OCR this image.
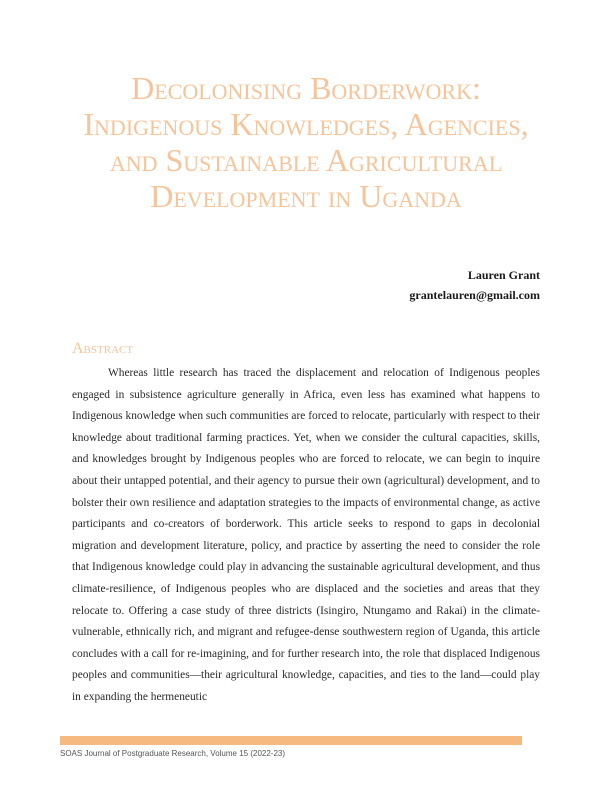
Decolonising Borderwork:
Indigenous Knowledges, Agencies,
and Sustainable Agricultural
Development in Uganda
Lauren Grant
grantelauren@gmail.com
Abstract

Whereas little research has traced the displacement and relocation of Indigenous peoples engaged in subsistence agriculture generally in Africa, even less has examined what happens to Indigenous knowledge when such communities are forced to relocate, particularly with respect to their knowledge about traditional farming practices. Yet, when we consider the cultural capacities, skills, and knowledges brought by Indigenous peoples who are forced to relocate, we can begin to inquire about their untapped potential, and their agency to pursue their own (agricultural) development, and to bolster their own resilience and adaptation strategies to the impacts of environmental change, as active participants and co-creators of borderwork. This article seeks to respond to gaps in decolonial migration and development literature, policy, and practice by asserting the need to consider the role that Indigenous knowledge could play in advancing the sustainable agricultural development, and thus climate-resilience, of Indigenous peoples who are displaced and the societies and areas that they relocate to. Offering a case study of three districts (Isingiro, Ntungamo and Rakai) in the climate-vulnerable, ethnically rich, and migrant and refugee-dense southwestern region of Uganda, this article concludes with a call for re-imagining, and for further research into, the role that displaced Indigenous peoples and communities—their agricultural knowledge, capacities, and ties to the land—could play in expanding the hermeneutic

SOAS Journal of Postgraduate Research, Volume 15 (2022-23)
